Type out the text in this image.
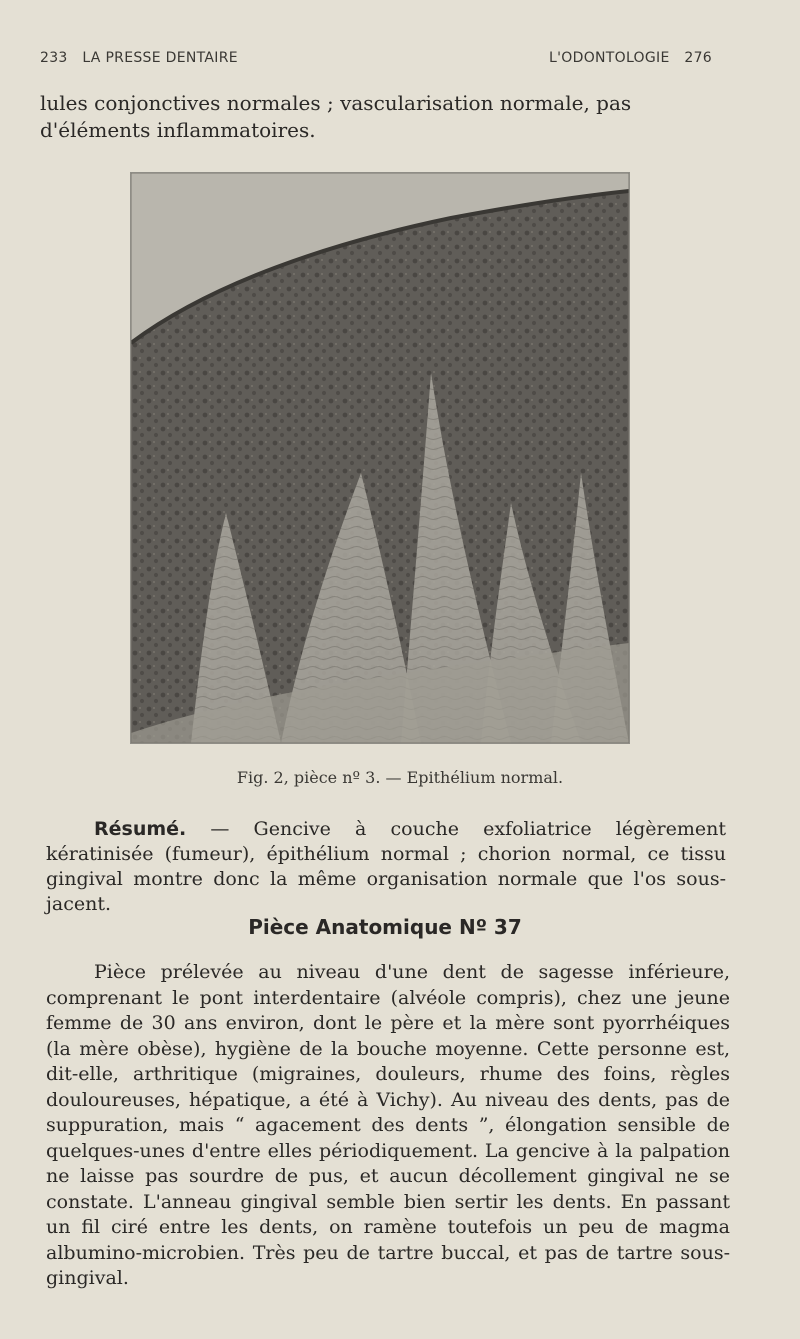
233 LA PRESSE DENTAIRE	L'ODONTOLOGIE 276

lules conjonctives normales ; vascularisation normale, pas d'éléments inflammatoires.

Fig. 2, pièce nº 3. — Epithélium normal.

Résumé. — Gencive à couche exfoliatrice légèrement kératinisée (fumeur), épithélium normal ; chorion normal, ce tissu gingival montre donc la même organisation normale que l'os sous-jacent.

Pièce Anatomique Nº 37

Pièce prélevée au niveau d'une dent de sagesse inférieure, comprenant le pont interdentaire (alvéole compris), chez une jeune femme de 30 ans environ, dont le père et la mère sont pyorrhéiques (la mère obèse), hygiène de la bouche moyenne. Cette personne est, dit-elle, arthritique (migraines, douleurs, rhume des foins, règles douloureuses, hépatique, a été à Vichy). Au niveau des dents, pas de suppuration, mais “ agacement des dents ”, élongation sensible de quelques-unes d'entre elles périodiquement. La gencive à la palpation ne laisse pas sourdre de pus, et aucun décollement gingival ne se constate. L'anneau gingival semble bien sertir les dents. En passant un fil ciré entre les dents, on ramène toutefois un peu de magma albumino-microbien. Très peu de tartre buccal, et pas de tartre sous-gingival.
